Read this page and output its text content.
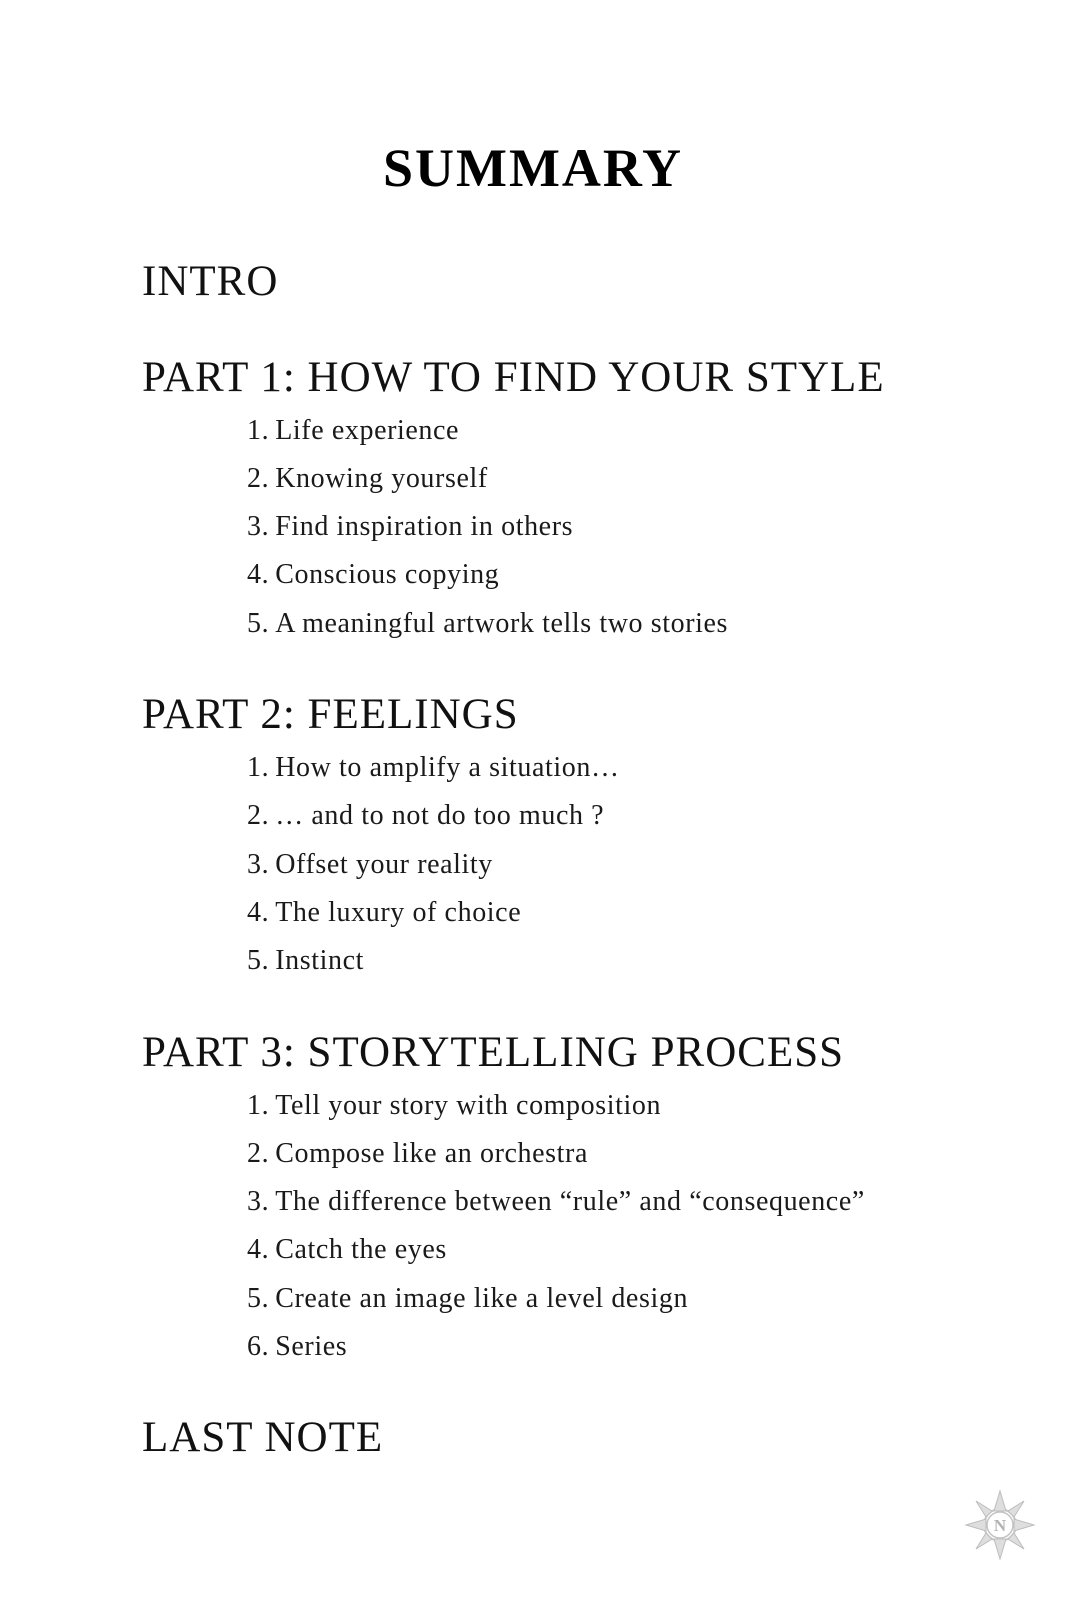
SUMMARY
INTRO
PART 1: HOW TO FIND YOUR STYLE
1. Life experience
2. Knowing yourself
3. Find inspiration in others
4. Conscious copying
5. A meaningful artwork tells two stories
PART 2: FEELINGS
1. How to amplify a situation…
2. … and to not do too much ?
3. Offset your reality
4. The luxury of choice
5. Instinct
PART 3: STORYTELLING PROCESS
1. Tell your story with composition
2. Compose like an orchestra
3. The difference between “rule” and “consequence”
4. Catch the eyes
5. Create an image like a level design
6. Series
LAST NOTE
N
